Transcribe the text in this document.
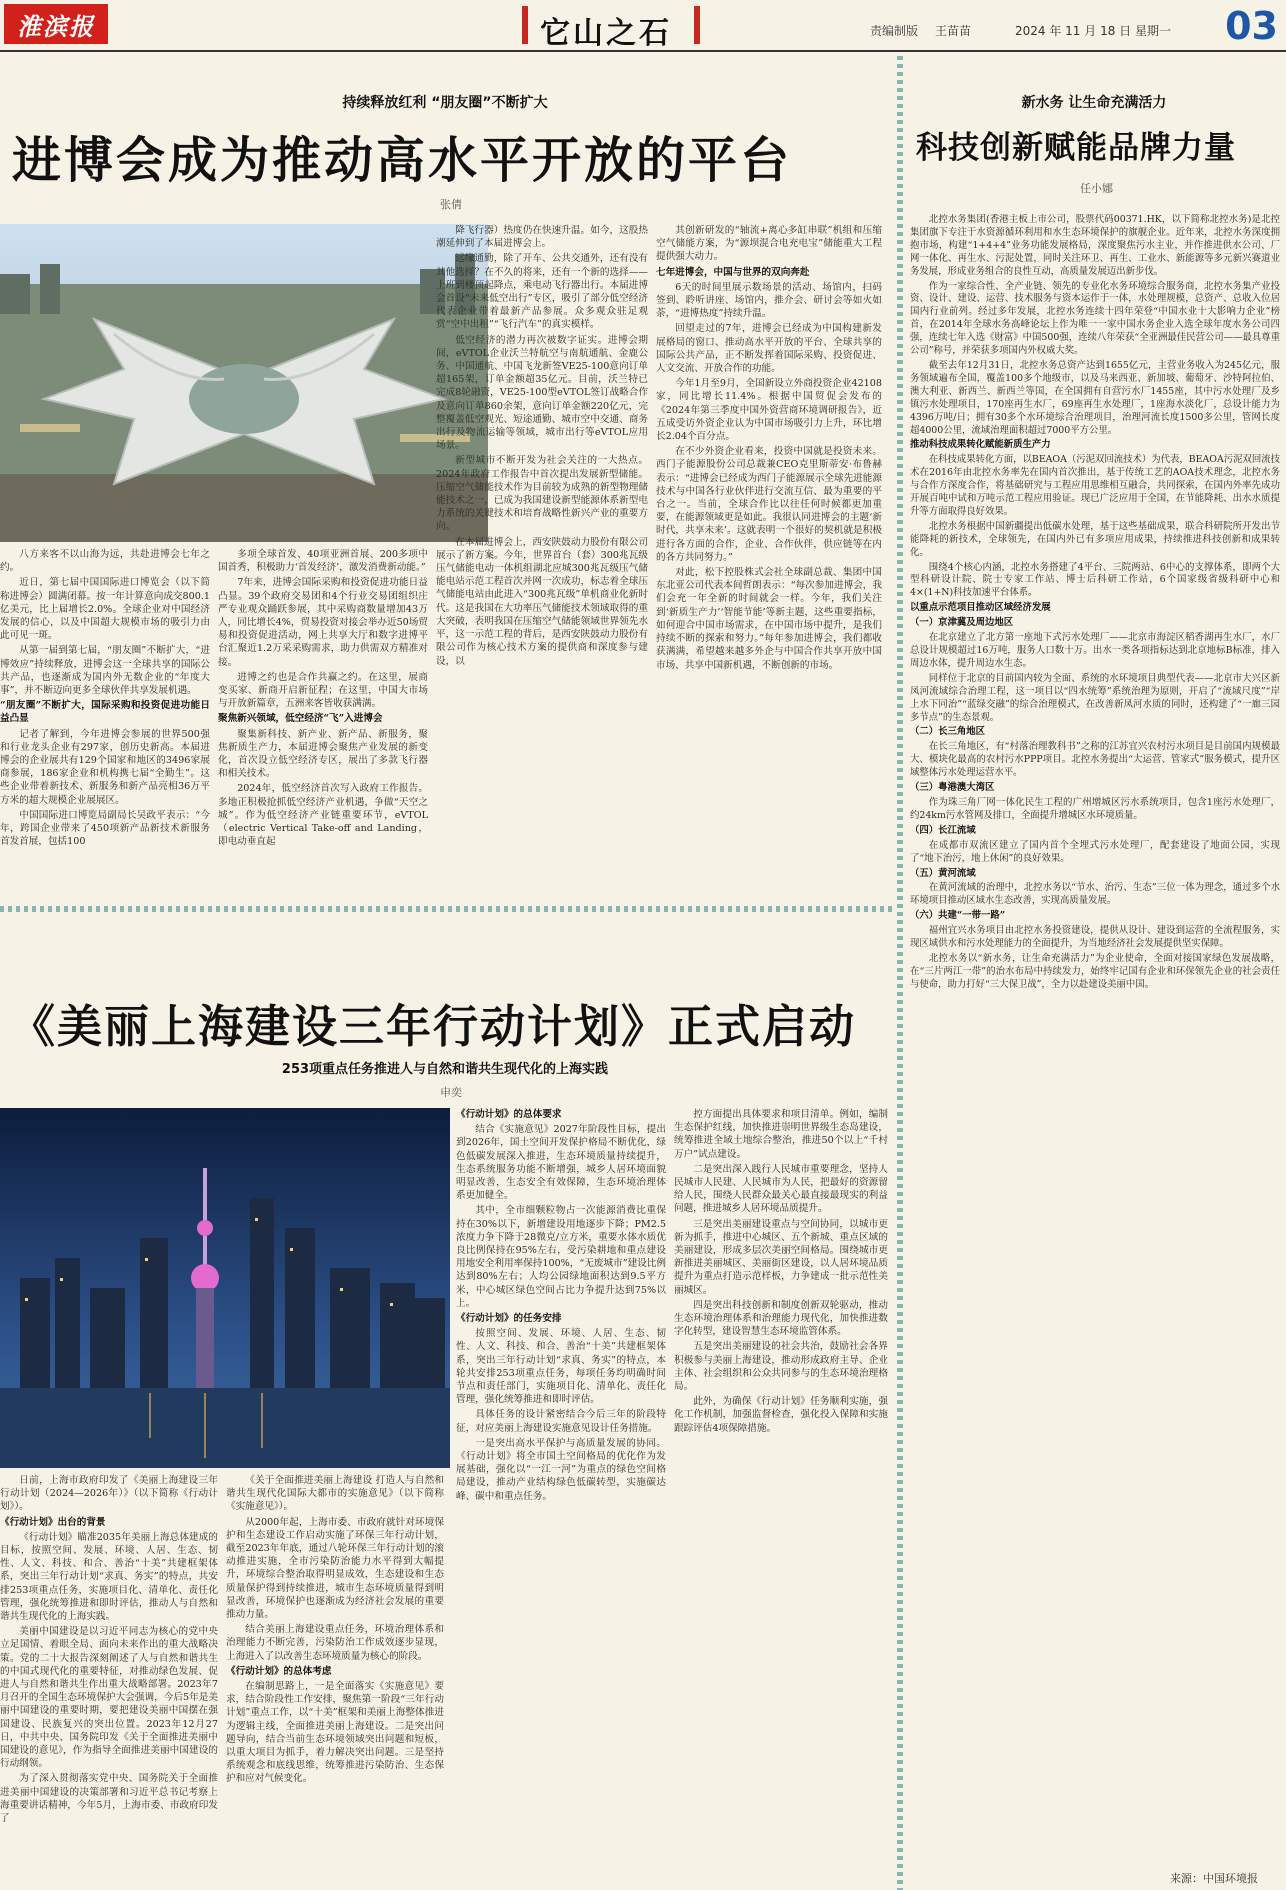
淮滨报	它山之石	责编制版 王苗苗	2024 年 11 月 18 日 星期一 03
持续释放红利 “朋友圈”不断扩大
进博会成为推动高水平开放的平台
张倩

八方来客不以山海为远，共赴进博会七年之约。

近日，第七届中国国际进口博览会（以下简称进博会）圆满闭幕。按一年计算意向成交800.1亿美元，比上届增长2.0%。全球企业对中国经济发展的信心，以及中国超大规模市场的吸引力由此可见一斑。

从第一届到第七届，“朋友圈”不断扩大，“进博效应”持续释放，进博会这一全球共享的国际公共产品，也逐渐成为国内外无数企业的“年度大事”，并不断迈向更多全球伙伴共享发展机遇。

“朋友圈”不断扩大，国际采购和投资促进功能日益凸显

记者了解到，今年进博会参展的世界500强和行业龙头企业有297家，创历史新高。本届进博会的企业展共有129个国家和地区的3496家展商参展，186家企业和机构携七届“全勤生”。这些企业带着新技术、新服务和新产品亮相36万平方米的超大规模企业展展区。

中国国际进口博览局副局长吴政平表示：“今年，跨国企业带来了450项新产品新技术新服务首发首展，包括100

多项全球首发、40项亚洲首展、200多项中国首秀，积极助力‘首发经济’，激发消费新动能。”

7年来，进博会国际采购和投资促进功能日益凸显。39个政府交易团和4个行业交易团组织庄严专业观众踊跃参展，其中采购商数量增加43万人，同比增长4%，贸易投资对接会举办近50场贸易和投资促进活动，网上共享大厅和数字进博平台汇聚近1.2万采采购需求，助力供需双方精准对接。

进博之约也是合作共赢之约。在这里，展商变买家、新商开启新征程；在这里，中国大市场与开放新篇章，五洲来客皆收获满满。

聚焦新兴领域，低空经济“飞”入进博会

聚集新科技、新产业、新产品、新服务，聚焦新质生产力，本届进博会聚焦产业发展的新变化，首次设立低空经济专区，展出了多款飞行器和相关技术。

2024年，低空经济首次写入政府工作报告。多地正积极抢抓低空经济产业机遇，争做“天空之城”。作为低空经济产业链重要环节，eVTOL（electric Vertical Take-off and Landing，即电动垂直起

降飞行器）热度仍在快速升温。如今，这股热潮延伸到了本届进博会上。

远缘通勤，除了开车、公共交通外，还有没有其他选择？在不久的将来，还有一个新的选择——上班到楼顶起降点，乘电动飞行器出行。本届进博会首设“未来低空出行”专区，吸引了部分低空经济代表企业带着最新产品参展。众多观众驻足观赏“空中出租”“飞行汽车”的真实模样。

低空经济的潜力再次被数字证实。进博会期间，eVTOL企业沃兰特航空与南航通航、金鹿公务、中国通航、中国飞龙新签VE25-100意向订单超165架，订单金额超35亿元。目前，沃兰特已完成8轮融资，VE25-100型eVTOL签订战略合作及意向订单860余架，意向订单金额220亿元，完整覆盖低空观光、短途通勤、城市空中交通、商务出行及物流运输等领域，城市出行等eVTOL应用场景。

新型城市不断开发为社会关注的一大热点。2024年政府工作报告中首次提出发展新型储能。压缩空气储能技术作为目前较为成熟的新型物理储能技术之一，已成为我国建设新型能源体系新型电力系统的关键技术和培育战略性新兴产业的重要方向。

在本届进博会上，西安陕鼓动力股份有限公司展示了新方案。今年，世界首台（套）300兆瓦级压气储能电动一体机组湖北应城300兆瓦级压气储能电站示范工程首次并网一次成功，标志着全球压气储能电站由此进入“300兆瓦级”单机商业化新时代。这是我国在大功率压气储能技术领域取得的重大突破，表明我国在压缩空气储能领域世界领先水平，这一示范工程的背后，是西安陕鼓动力股份有限公司作为核心技术方案的提供商和深度参与建设，以

其创新研发的“轴流+离心多缸串联”机组和压缩空气储能方案，为“源坝混合电充电宝”储能重大工程提供强大动力。

七年进博会，中国与世界的双向奔赴

6天的时间里展示数场景的活动、场馆内，扫码签到、聆听讲座、场馆内，推介会、研讨会等如火如荼，“进博热度”持续升温。

回望走过的7年，进博会已经成为中国构建新发展格局的窗口、推动高水平开放的平台、全球共享的国际公共产品，正不断发挥着国际采购、投资促进、人文交流、开放合作的功能。

今年1月至9月，全国新设立外商投资企业42108家，同比增长11.4%。根据中国贸促会发布的《2024年第三季度中国外资营商环境调研报告》，近五成受访外资企业认为中国市场吸引力上升，环比增长2.04个百分点。

在不少外资企业看来，投资中国就是投资未来。西门子能源股份公司总裁兼CEO克里斯蒂安·布鲁赫表示：“进博会已经成为西门子能源展示全球先进能源技术与中国各行业伙伴进行交流互信、最为重要的平台之一。当前，全球合作比以往任何时候都更加重要，在能源领域更是如此。我很认同进博会的主题‘新时代，共享未来’。这就表明一个很好的契机就是积极进行各方面的合作，企业、合作伙伴，供应链等在内的各方共同努力。”

对此，松下控股株式会社全球副总裁、集团中国东北亚公司代表本间哲朗表示：“每次参加进博会，我们会充一年全新的时间就会一样。今年，我们关注到‘新质生产力’‘智能节能’等新主题，这些重要指标，如何迎合中国市场需求，在中国市场中提升，是我们持续不断的探索和努力。”每年参加进博会，我们都收获满满，希望越来越多外企与中国合作共享开放中国市场、共享中国新机遇，不断创新的市场。

《美丽上海建设三年行动计划》正式启动
253项重点任务推进人与自然和谐共生现代化的上海实践
申奕

日前，上海市政府印发了《美丽上海建设三年行动计划（2024—2026年）》（以下简称《行动计划》）。

《行动计划》出台的背景

《行动计划》瞄准2035年美丽上海总体建成的目标，按照空间、发展、环境、人居、生态、韧性、人文、科技、和合、善治“十美”共建框架体系，突出三年行动计划“求真、务实”的特点，共安排253项重点任务，实施项目化、清单化、责任化管理，强化统筹推进和即时评估，推动人与自然和谐共生现代化的上海实践。

美丽中国建设是以习近平同志为核心的党中央立足国情、着眼全局、面向未来作出的重大战略决策。党的二十大报告深刻阐述了人与自然和谐共生的中国式现代化的重要特征，对推动绿色发展、促进人与自然和谐共生作出重大战略部署。2023年7月召开的全国生态环境保护大会强调，今后5年是美丽中国建设的重要时期，要把建设美丽中国摆在强国建设、民族复兴的突出位置。2023年12月27日，中共中央、国务院印发《关于全面推进美丽中国建设的意见》，作为指导全面推进美丽中国建设的行动纲领。

为了深入贯彻落实党中央、国务院关于全面推进美丽中国建设的决策部署和习近平总书记考察上海重要讲话精神，今年5月，上海市委、市政府印发了

《关于全面推进美丽上海建设 打造人与自然和谐共生现代化国际大都市的实施意见》（以下简称《实施意见》）。

从2000年起，上海市委、市政府就针对环境保护和生态建设工作启动实施了环保三年行动计划，截至2023年年底，通过八轮环保三年行动计划的滚动推进实施，全市污染防治能力水平得到大幅提升，环境综合整治取得明显成效，生态建设和生态质量保护得到持续推进，城市生态环境质量得到明显改善，环境保护也逐渐成为经济社会发展的重要推动力量。

结合美丽上海建设重点任务，环境治理体系和治理能力不断完善，污染防治工作成效逐步显现，上海进入了以改善生态环境质量为核心的阶段。

《行动计划》的总体考虑

在编制思路上，一是全面落实《实施意见》要求，结合阶段性工作安排，聚焦第一阶段“三年行动计划”重点工作，以“十美”框架和美丽上海整体推进为逻辑主线，全面推进美丽上海建设。二是突出问题导向，结合当前生态环境领域突出问题和短板，以重大项目为抓手，着力解决突出问题。三是坚持系统观念和底线思维，统筹推进污染防治、生态保护和应对气候变化。

《行动计划》的总体要求

结合《实施意见》2027年阶段性目标，提出到2026年，国土空间开发保护格局不断优化，绿色低碳发展深入推进，生态环境质量持续提升，生态系统服务功能不断增强，城乡人居环境面貌明显改善，生态安全有效保障，生态环境治理体系更加健全。

其中，全市细颗粒物占一次能源消费比重保持在30%以下，新增建设用地逐步下降；PM2.5浓度力争下降于28微克/立方米，重要水体水质优良比例保持在95%左右，受污染耕地和重点建设用地安全利用率保持100%，“无废城市”建设比例达到80%左右；人均公园绿地面积达到9.5平方米，中心城区绿色空间占比力争提升达到75%以上。

《行动计划》的任务安排

按照空间、发展、环境、人居、生态、韧性、人文、科技、和合、善治“十美”共建框架体系，突出三年行动计划“求真、务实”的特点，本轮共安排253项重点任务，每项任务均明确时间节点和责任部门，实施项目化、清单化、责任化管理，强化统筹推进和即时评估。

具体任务的设计紧密结合今后三年的阶段特征，对应美丽上海建设实施意见设计任务措施。

一是突出高水平保护与高质量发展的协同。《行动计划》将全市国土空间格局的优化作为发展基础，强化以“一江一河”为重点的绿色空间格局建设，推动产业结构绿色低碳转型，实施碳达峰、碳中和重点任务。

控方面提出具体要求和项目清单。例如，编制生态保护红线，加快推进崇明世界级生态岛建设，统筹推进全域土地综合整治，推进50个以上“千村万户”试点建设。

二是突出深入践行人民城市重要理念，坚持人民城市人民建、人民城市为人民，把最好的资源留给人民，围绕人民群众最关心最直接最现实的利益问题，推进城乡人居环境品质提升。

三是突出美丽建设重点与空间协同，以城市更新为抓手，推进中心城区、五个新城、重点区域的美丽建设，形成多层次美丽空间格局。围绕城市更新推进美丽城区、美丽街区建设，以人居环境品质提升为重点打造示范样板，力争建成一批示范性美丽城区。

四是突出科技创新和制度创新双轮驱动，推动生态环境治理体系和治理能力现代化，加快推进数字化转型，建设智慧生态环境监管体系。

五是突出美丽建设的社会共治，鼓励社会各界积极参与美丽上海建设，推动形成政府主导、企业主体、社会组织和公众共同参与的生态环境治理格局。

此外，为确保《行动计划》任务顺利实施，强化工作机制，加强监督检查，强化投入保障和实施跟踪评估4项保障措施。

新水务 让生命充满活力
科技创新赋能品牌力量
任小娜

北控水务集团(香港主板上市公司，股票代码00371.HK，以下简称北控水务)是北控集团旗下专注于水资源循环利用和水生态环境保护的旗舰企业。近年来，北控水务深度拥抱市场，构建“1+4+4”业务功能发展格局，深度聚焦污水主业，并作推进供水公司、厂网一体化、再生水、污泥处置，同时关注环卫、再生、工业水、新能源等多元新兴赛道业务发展，形成业务组合的良性互动，高质量发展迈出新步伐。

作为一家综合性、全产业链、领先的专业化水务环境综合服务商，北控水务集产业投资、设计、建设、运营、技术服务与资本运作于一体，水处理规模，总资产、总收入位居国内行业前列。经过多年发展，北控水务连续十四年荣登“中国水业十大影响力企业”榜首，在2014年全球水务高峰论坛上作为唯一一家中国水务企业入选全球年度水务公司四强，连续七年入选《财富》中国500强，连续八年荣获“全亚洲最佳民营公司——最具尊重公司”称号，并荣获多项国内外权威大奖。

截至去年12月31日，北控水务总资产达到1655亿元，主营业务收入为245亿元，服务领域遍布全国，覆盖100多个地级市，以及马来西亚、新加坡、葡萄牙、沙特阿拉伯、澳大利亚、新西兰、新西兰等国，在全国拥有自营污水厂1455座，其中污水处理厂及乡镇污水处理项目，170座再生水厂，69座再生水处理厂，1座海水淡化厂，总设计能力为4396万吨/日；拥有30多个水环境综合治理项目，治理河流长度1500多公里，管网长度超4000公里，流域治理面积超过7000平方公里。

推动科技成果转化赋能新质生产力

在科技成果转化方面，以BEAOA（污泥双回流技术）为代表，BEAOA污泥双回流技术在2016年由北控水务率先在国内首次推出，基于传统工艺的AOA技术理念，北控水务与合作方深度合作，将基础研究与工程应用思维相互融合，共同探索，在国内外率先成功开展百吨中试和万吨示范工程应用验证。现已广泛应用于全国，在节能降耗、出水水质提升等方面取得良好效果。

北控水务根据中国新疆提出低碳水处理，基于这些基础成果，联合科研院所开发出节能降耗的新技术，全球领先，在国内外已有多项应用成果，持续推进科技创新和成果转化。

围绕4个核心内涵，北控水务搭建了4平台、三院两站、6中心的支撑体系，即两个大型科研设计院、院士专家工作站、博士后科研工作站，6个国家级省级科研中心和4×(1+N)科技加速平台体系。

以重点示范项目推动区域经济发展

（一）京津冀及周边地区

在北京建立了北方第一座地下式污水处理厂——北京市海淀区稻香湖再生水厂，水厂总设计规模超过16万吨，服务人口数十万。出水一类各项指标达到北京地标B标准，排入周边水体，提升周边水生态。

同样位于北京的目前国内较为全面、系统的水环境项目典型代表——北京市大兴区新凤河流域综合治理工程，这一项目以“四水统筹”系统治理为原则，开启了“流域尺度”“岸上水下同治”“蓝绿交融”的综合治理模式，在改善新凤河水质的同时，还构建了“一廊三园多节点”的生态景观。

（二）长三角地区

在长三角地区，有“村落治理教科书”之称的江苏宜兴农村污水项目是目前国内规模最大、模块化最高的农村污水PPP项目。北控水务提出“大运营、管家式”服务模式，提升区域整体污水处理运营水平。

（三）粤港澳大湾区

作为珠三角厂网一体化民生工程的广州增城区污水系统项目，包含1座污水处理厂，约24km污水管网及排口，全面提升增城区水环境质量。

（四）长江流域

在成都市双流区建立了国内首个全埋式污水处理厂，配套建设了地面公园，实现了“地下治污，地上休闲”的良好效果。

（五）黄河流域

在黄河流域的治理中，北控水务以“节水、治污、生态”三位一体为理念，通过多个水环境项目推动区域水生态改善，实现高质量发展。

（六）共建“一带一路”

福州宜兴水务项目由北控水务投资建设，提供从设计、建设到运营的全流程服务，实现区域供水和污水处理能力的全面提升，为当地经济社会发展提供坚实保障。

北控水务以“新水务，让生命充满活力”为企业使命，全面对接国家绿色发展战略，在“三片两江一带”的治水布局中持续发力，始终牢记国有企业和环保领先企业的社会责任与使命，助力打好“三大保卫战”，全力以赴建设美丽中国。

来源：中国环境报
